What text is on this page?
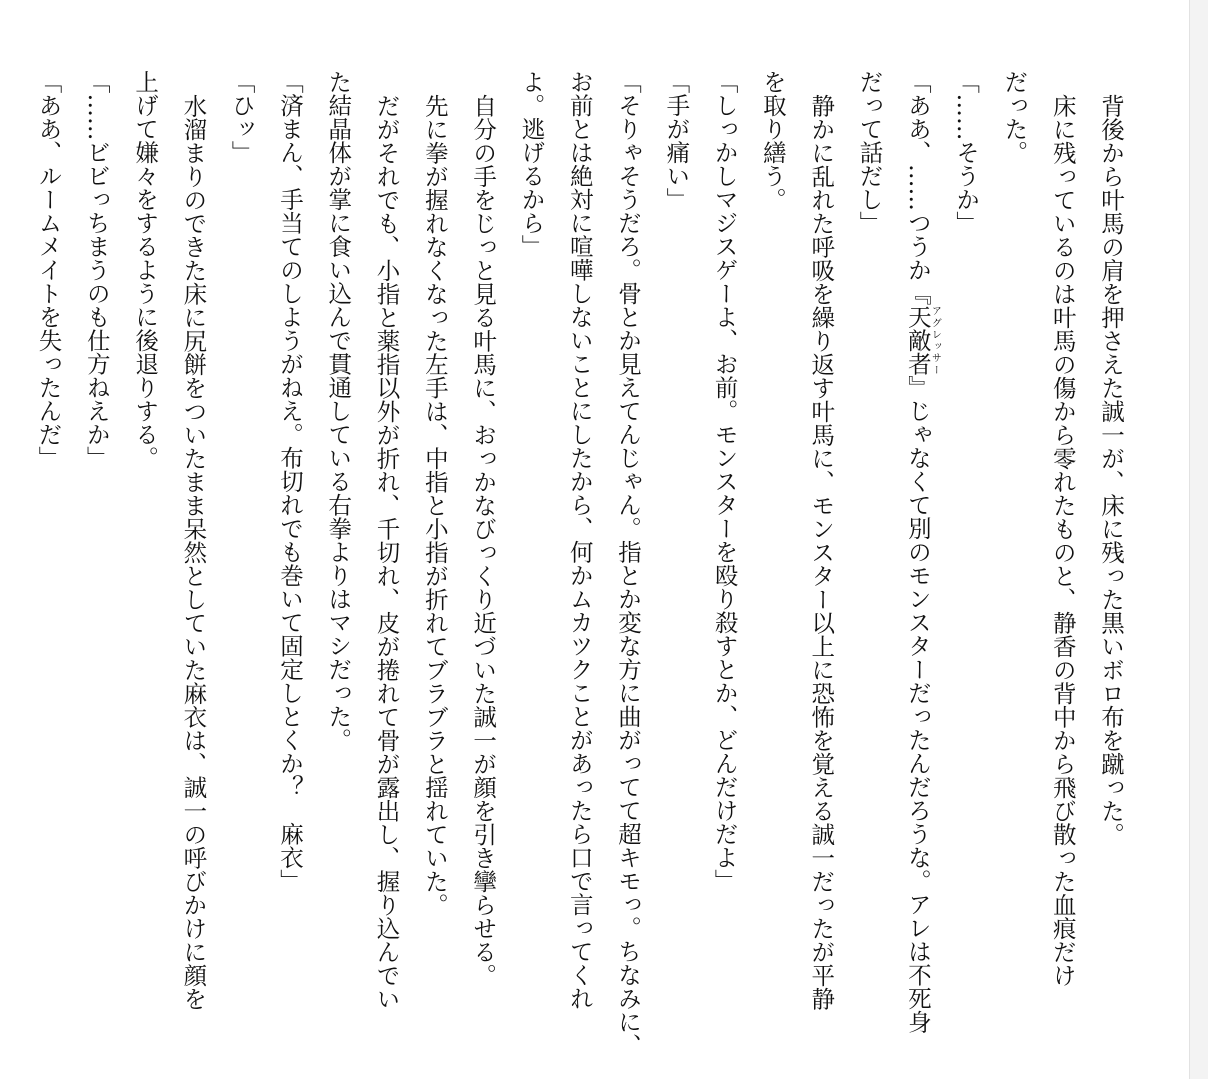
背後から叶馬の肩を押さえた誠一が、床に残った黒いボロ布を蹴った。

床に残っているのは叶馬の傷から零れたものと、静香の背中から飛び散った血痕だけ

だった。

「……そうか」

「ああ、……つうか『天敵者アグレッサー』じゃなくて別のモンスターだったんだろうな。アレは不死身

だって話だし」

静かに乱れた呼吸を繰り返す叶馬に、モンスター以上に恐怖を覚える誠一だったが平静

を取り繕う。

「しっかしマジスゲーよ、お前。モンスターを殴り殺すとか、どんだけだよ」

「手が痛い」

「そりゃそうだろ。骨とか見えてんじゃん。指とか変な方に曲がってて超キモっ。ちなみに、

お前とは絶対に喧嘩しないことにしたから、何かムカツクことがあったら口で言ってくれ

よ。逃げるから」

自分の手をじっと見る叶馬に、おっかなびっくり近づいた誠一が顔を引き攣らせる。

先に拳が握れなくなった左手は、中指と小指が折れてブラブラと揺れていた。

だがそれでも、小指と薬指以外が折れ、千切れ、皮が捲れて骨が露出し、握り込んでい

た結晶体が掌に食い込んで貫通している右拳よりはマシだった。

「済まん、手当てのしようがねえ。布切れでも巻いて固定しとくか？　麻衣」

「ひッ」

水溜まりのできた床に尻餅をついたまま呆然としていた麻衣は、誠一の呼びかけに顔を

上げて嫌々をするように後退りする。

「……ビビっちまうのも仕方ねえか」

「ああ、ルームメイトを失ったんだ」
